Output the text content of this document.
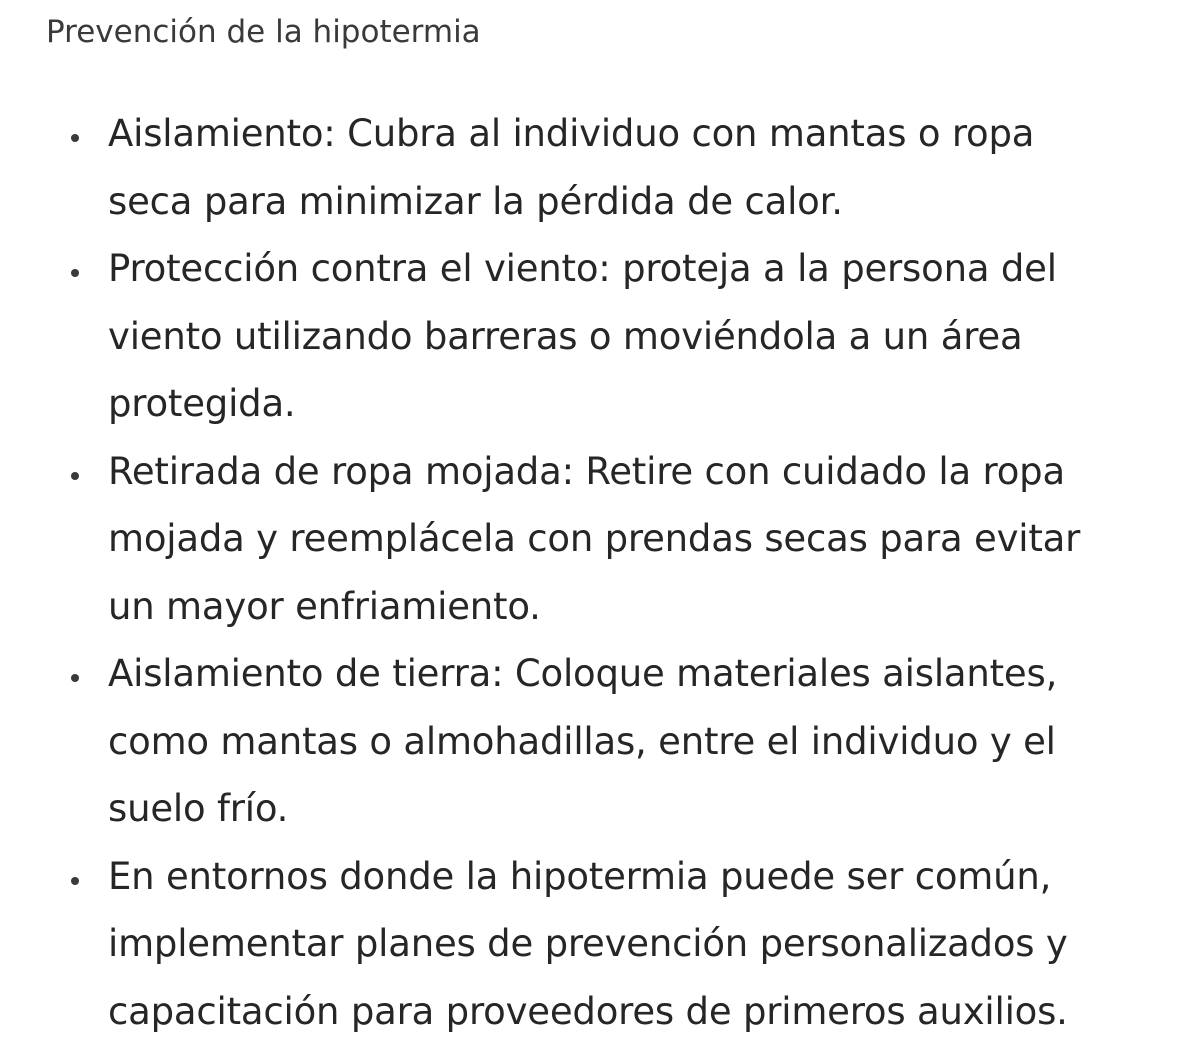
Prevención de la hipotermia
Aislamiento: Cubra al individuo con mantas o ropa seca para minimizar la pérdida de calor.
Protección contra el viento: proteja a la persona del viento utilizando barreras o moviéndola a un área protegida.
Retirada de ropa mojada: Retire con cuidado la ropa mojada y reemplácela con prendas secas para evitar un mayor enfriamiento.
Aislamiento de tierra: Coloque materiales aislantes, como mantas o almohadillas, entre el individuo y el suelo frío.
En entornos donde la hipotermia puede ser común, implementar planes de prevención personalizados y capacitación para proveedores de primeros auxilios.
